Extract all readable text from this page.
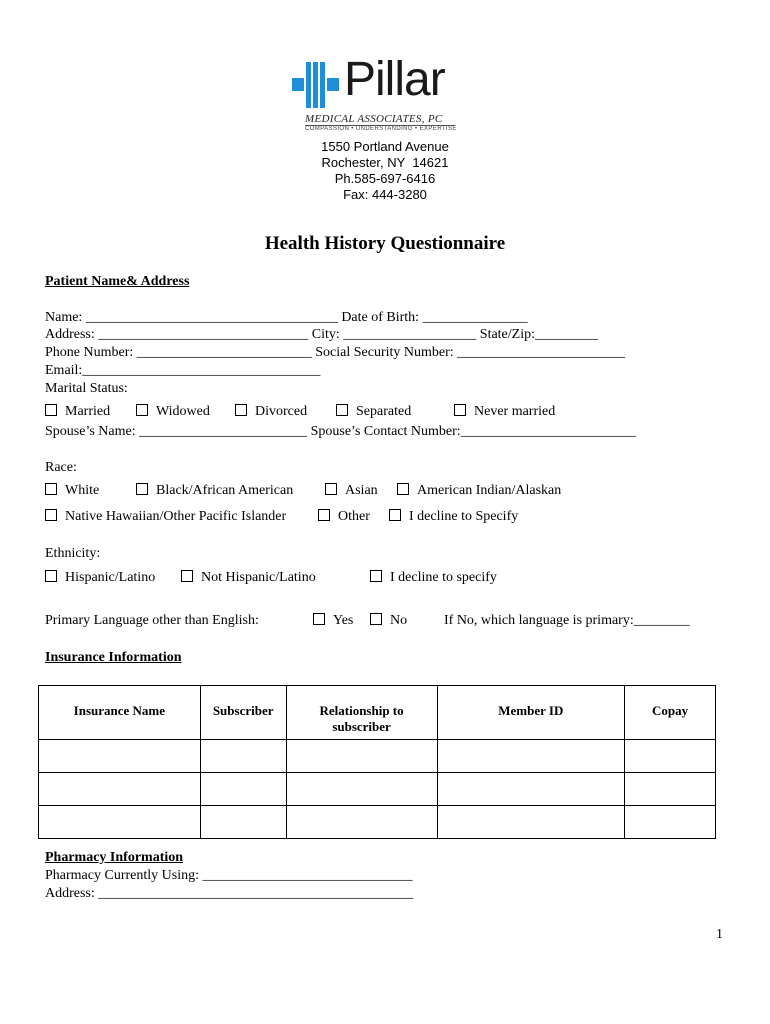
Pillar
MEDICAL ASSOCIATES, PC
COMPASSION • UNDERSTANDING • EXPERTISE
1550 Portland Avenue
Rochester, NY  14621
Ph.585-697-6416
Fax: 444-3280
Health History Questionnaire
Patient Name& Address
Name: ____________________________________ Date of Birth: _______________
Address: ______________________________ City: ___________________ State/Zip:_________
Phone Number: _________________________ Social Security Number: ________________________
Email:__________________________________
Marital Status:
Married	Widowed	Divorced	Separated	Never married
Spouse’s Name: ________________________ Spouse’s Contact Number:_________________________
Race:
White	Black/African American	Asian	American Indian/Alaskan
Native Hawaiian/Other Pacific Islander	Other	I decline to Specify
Ethnicity:
Hispanic/Latino	Not Hispanic/Latino	I decline to specify
Primary Language other than English:	Yes	No	If No, which language is primary:________
Insurance Information
Insurance Name	Subscriber	Relationship to subscriber	Member ID	Copay

Pharmacy Information
Pharmacy Currently Using: ______________________________
Address: _____________________________________________
1
